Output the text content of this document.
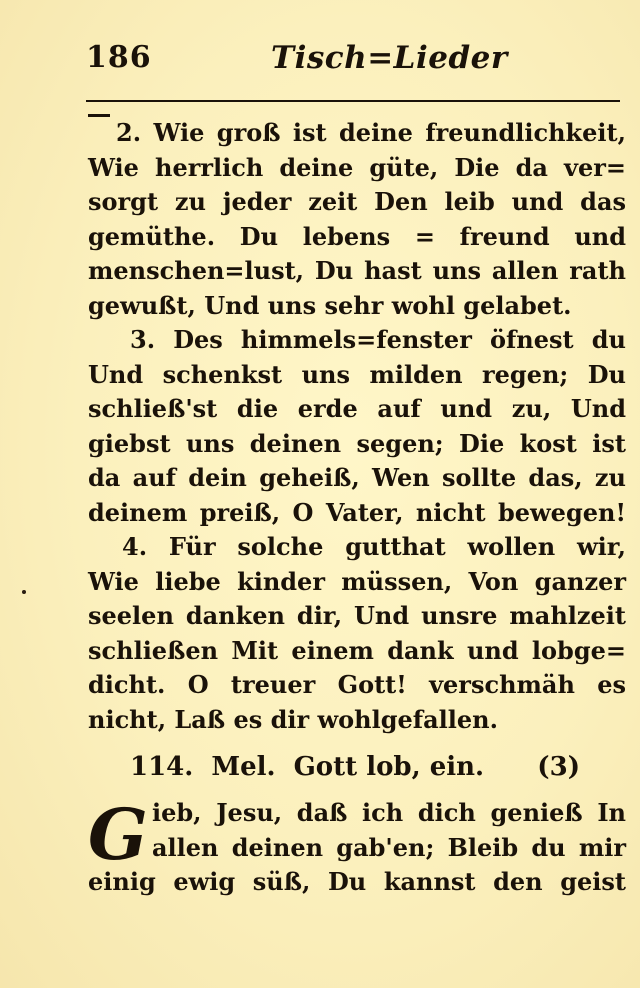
186	Tisch=Lieder
2. Wie groß ist deine freundlichkeit,
Wie herrlich deine güte, Die da ver=
sorgt zu jeder zeit Den leib und das
gemüthe. Du lebens = freund und
menschen=lust, Du hast uns allen rath
gewußt, Und uns sehr wohl gelabet.
3. Des himmels=fenster öfnest du
Und schenkst uns milden regen; Du
schließ'st die erde auf und zu, Und
giebst uns deinen segen; Die kost ist
da auf dein geheiß, Wen sollte das, zu
deinem preiß, O Vater, nicht bewegen!
4. Für solche gutthat wollen wir,
Wie liebe kinder müssen, Von ganzer
seelen danken dir, Und unsre mahlzeit
schließen Mit einem dank und lobge=
dicht. O treuer Gott! verschmäh es
nicht, Laß es dir wohlgefallen.
114. Mel. Gott lob, ein. (3)
G ieb, Jesu, daß ich dich genieß In
allen deinen gab'en; Bleib du mir
einig ewig süß, Du kannst den geist
